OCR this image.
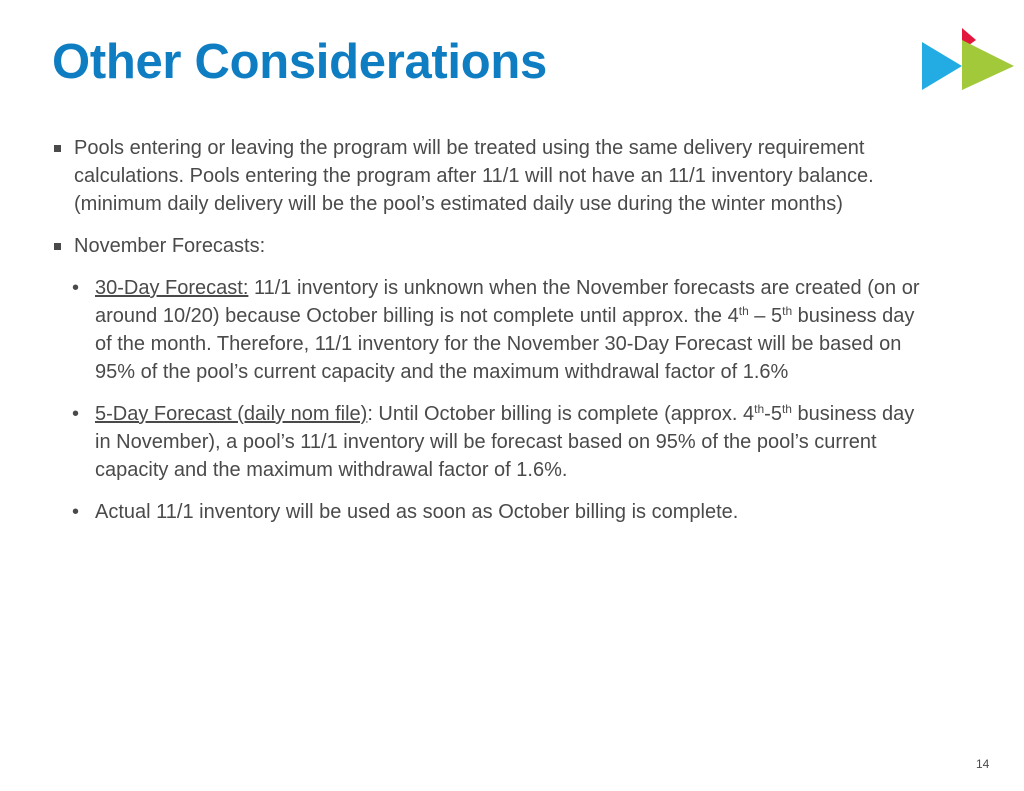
Other Considerations

Pools entering or leaving the program will be treated using the same delivery requirement calculations. Pools entering the program after 11/1 will not have an 11/1 inventory balance. (minimum daily delivery will be the pool’s estimated daily use during the winter months)

November Forecasts:

• 30-Day Forecast: 11/1 inventory is unknown when the November forecasts are created (on or around 10/20) because October billing is not complete until approx. the 4th – 5th business day of the month. Therefore, 11/1 inventory for the November 30-Day Forecast will be based on 95% of the pool’s current capacity and the maximum withdrawal factor of 1.6%

• 5-Day Forecast (daily nom file): Until October billing is complete (approx. 4th-5th business day in November), a pool’s 11/1 inventory will be forecast based on 95% of the pool’s current capacity and the maximum withdrawal factor of 1.6%.

• Actual 11/1 inventory will be used as soon as October billing is complete.

14
